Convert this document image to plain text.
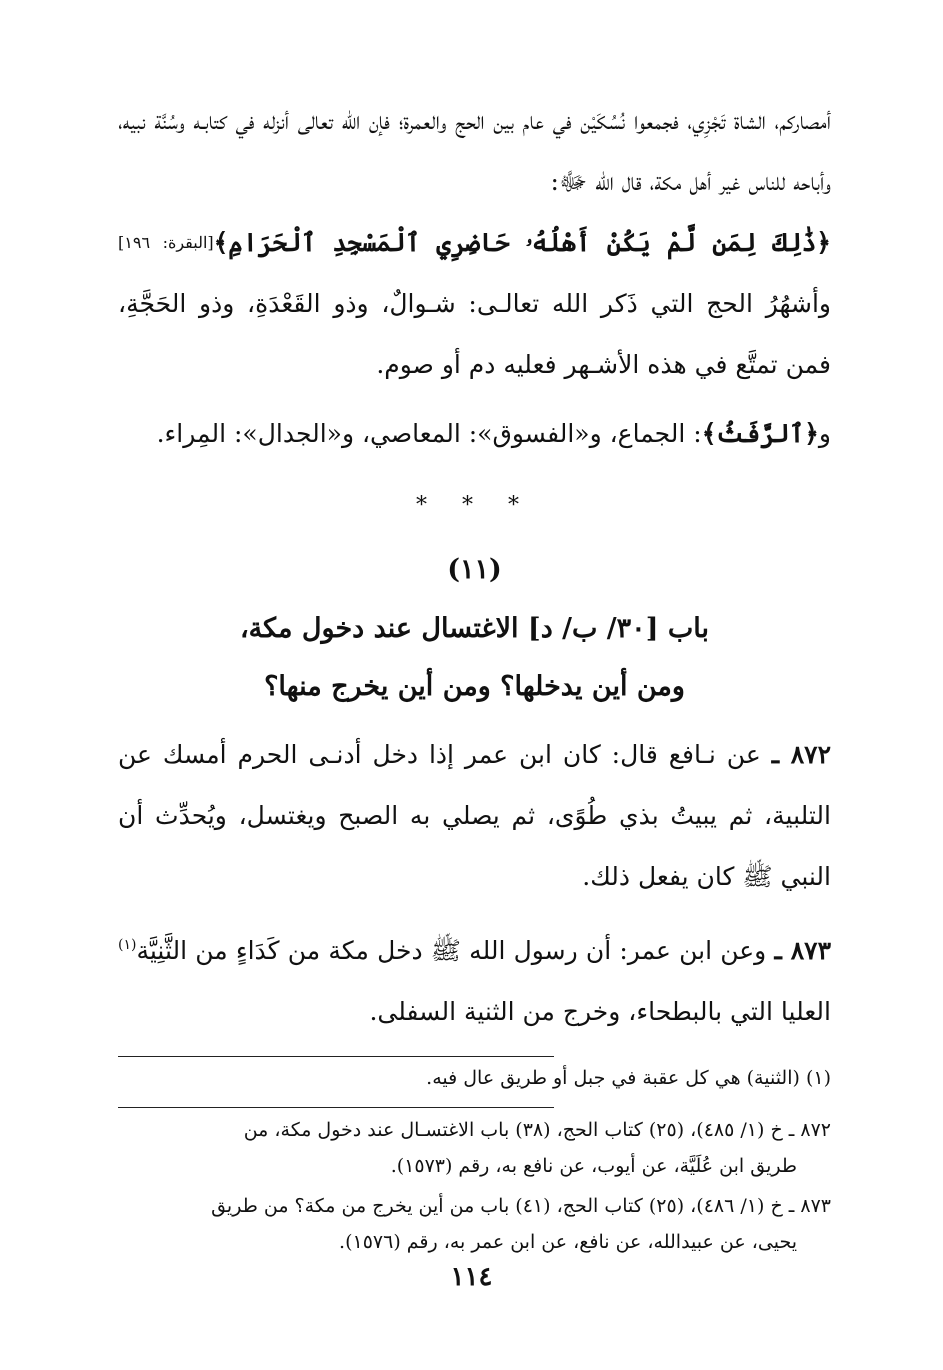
أمصاركم، الشاة تَجْزِي، فجمعوا نُسُكَيْن في عام بين الحج والعمرة؛ فإن الله تعالى أنزله في كتابـه وسُنَّة نبيه، وأباحه للناس غير أهل مكة، قال الله ﷻ:
﴿ذَٰلِكَ لِمَن لَّمْ يَكُنْ أَهْلُهُۥ حَاضِرِي ٱلْمَسْجِدِ ٱلْحَرَامِ﴾[البقرة: ١٩٦] وأشهُرُ الحج التي ذَكر الله تعالـى: شـوالٌ، وذو القَعْدَةِ، وذو الحَجَّةِ، فمن تمتَّع في هذه الأشـهر فعليه دم أو صوم.

و﴿ٱلرَّفَثُ﴾: الجماع، و«الفسوق»: المعاصي، و«الجدال»: المِراء.

* * *
(١١)
باب [٣٠/ ب/ د] الاغتسال عند دخول مكة،
ومن أين يدخلها؟ ومن أين يخرج منها؟

٨٧٢ ـ عن نـافع قال: كان ابن عمر إذا دخل أدنـى الحرم أمسك عن التلبية، ثم يبيتُ بذي طُوًى، ثم يصلي به الصبح ويغتسل، ويُحدِّث أن النبي ﷺ كان يفعل ذلك.

٨٧٣ ـ وعن ابن عمر: أن رسول الله ﷺ دخل مكة من كَدَاءٍ من الثَّنِيَّة$^{(١)}$ العليا التي بالبطحاء، وخرج من الثنية السفلى.

(١) (الثنية) هي كل عقبة في جبل أو طريق عال فيه.
٨٧٢ ـ خ (١/ ٤٨٥)، (٢٥) كتاب الحج، (٣٨) باب الاغتسـال عند دخول مكة، من
طريق ابن عُلَيَّة، عن أيوب، عن نافع به، رقم (١٥٧٣).
٨٧٣ ـ خ (١/ ٤٨٦)، (٢٥) كتاب الحج، (٤١) باب من أين يخرج من مكة؟ من طريق
يحيى، عن عبيدالله، عن نافع، عن ابن عمر به، رقم (١٥٧٦).
١١٤
